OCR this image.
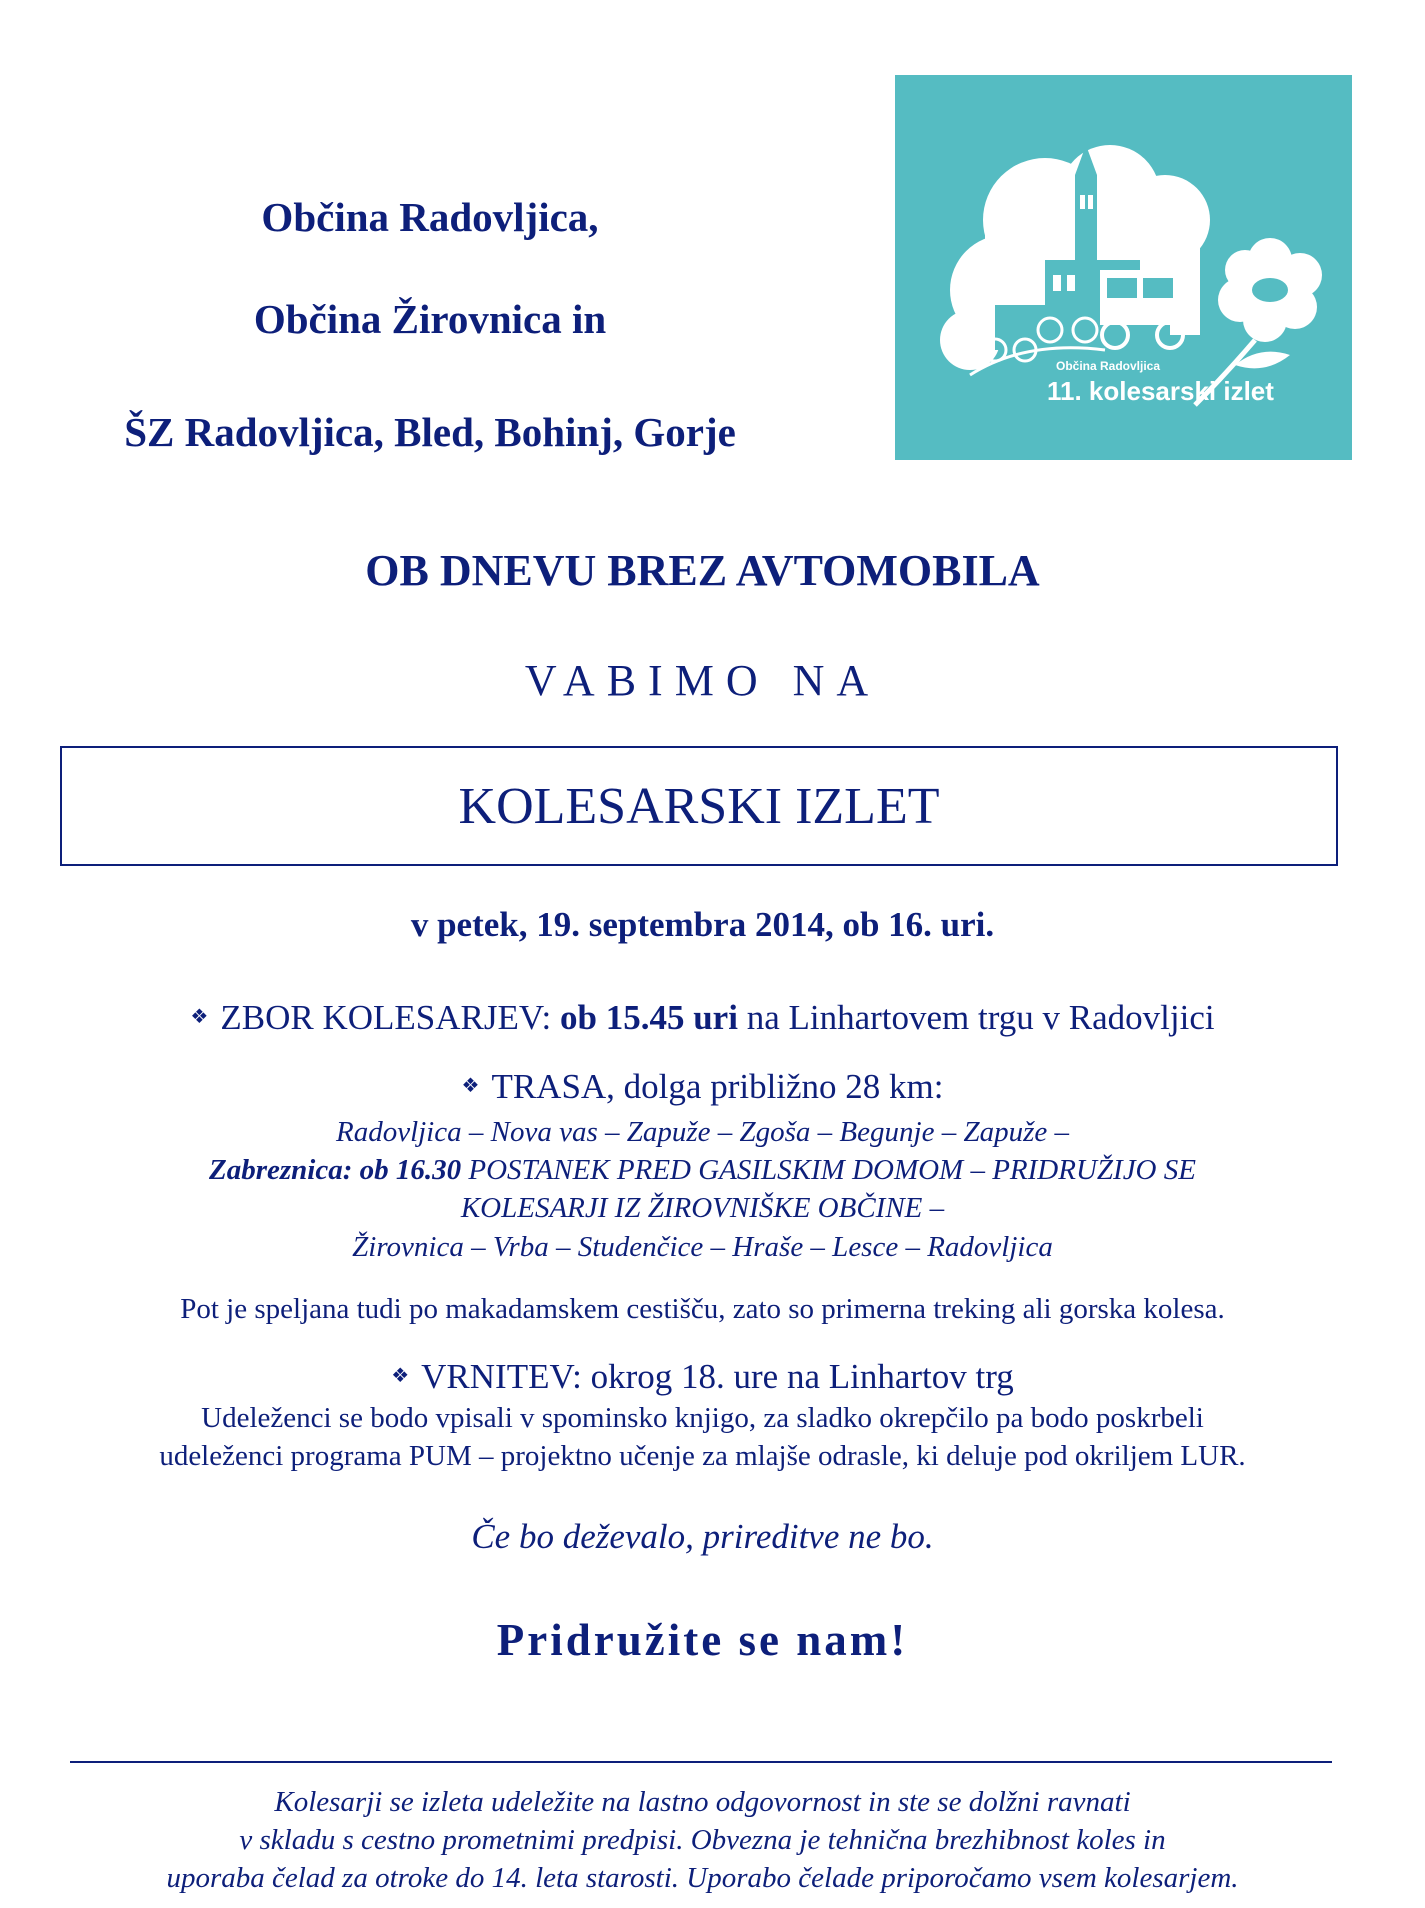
Občina Radovljica,
Občina Žirovnica in
ŠZ Radovljica, Bled, Bohinj, Gorje
Občina Radovljica
11. kolesarski izlet
OB DNEVU BREZ AVTOMOBILA
VABIMO NA
KOLESARSKI IZLET
v petek, 19. septembra 2014, ob 16. uri.
❖ ZBOR KOLESARJEV: ob 15.45 uri na Linhartovem trgu v Radovljici
❖ TRASA, dolga približno 28 km:
Radovljica – Nova vas – Zapuže – Zgoša – Begunje – Zapuže –
Zabreznica: ob 16.30 POSTANEK PRED GASILSKIM DOMOM – PRIDRUŽIJO SE
KOLESARJI IZ ŽIROVNIŠKE OBČINE –
Žirovnica – Vrba – Studenčice – Hraše – Lesce – Radovljica
Pot je speljana tudi po makadamskem cestišču, zato so primerna treking ali gorska kolesa.
❖ VRNITEV: okrog 18. ure na Linhartov trg
Udeleženci se bodo vpisali v spominsko knjigo, za sladko okrepčilo pa bodo poskrbeli
udeleženci programa PUM – projektno učenje za mlajše odrasle, ki deluje pod okriljem LUR.
Če bo deževalo, prireditve ne bo.
Pridružite se nam!
Kolesarji se izleta udeležite na lastno odgovornost in ste se dolžni ravnati
v skladu s cestno prometnimi predpisi. Obvezna je tehnična brezhibnost koles in
uporaba čelad za otroke do 14. leta starosti. Uporabo čelade priporočamo vsem kolesarjem.
